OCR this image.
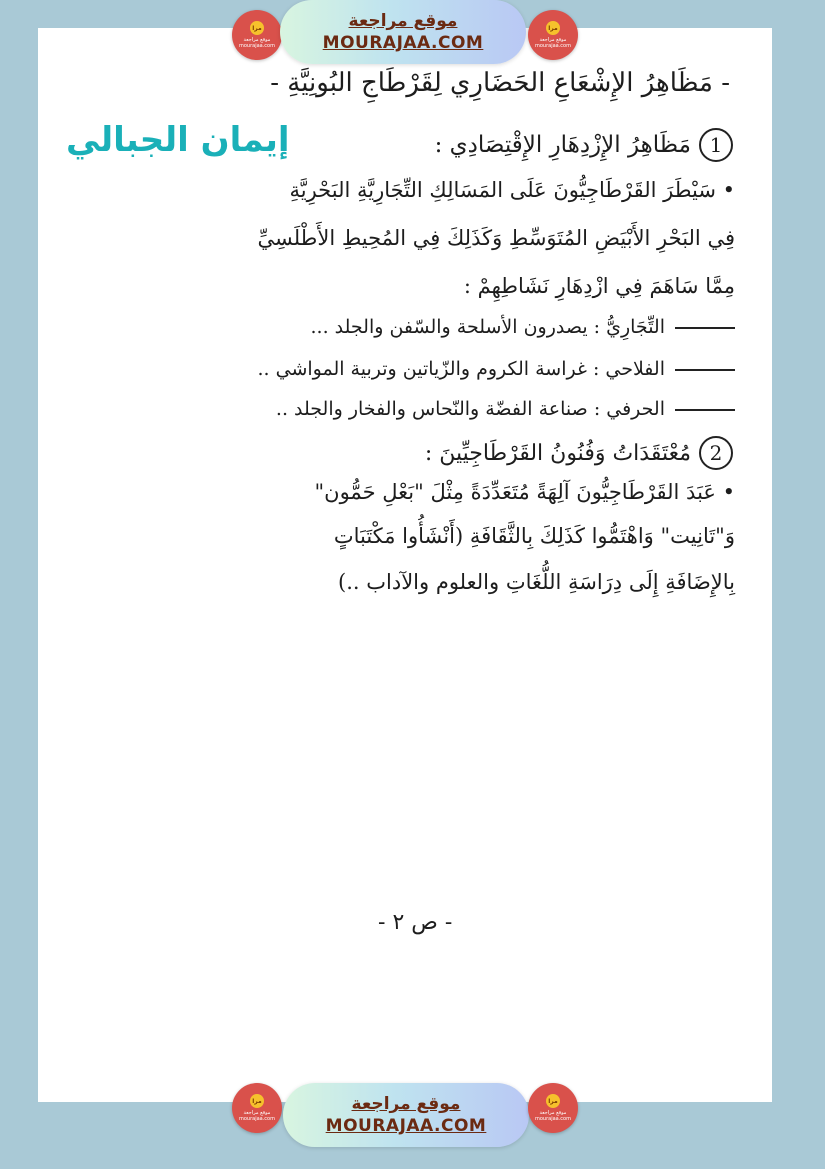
مرا
موقع مراجعة
mourajaa.com
موقع مراجعة
MOURAJAA.COM
مرا
موقع مراجعة
mourajaa.com
- مَظَاهِرُ الإِشْعَاعِ الحَضَارِي لِقَرْطَاجِ البُونِيَّةِ -
إيمان الجبالي	1مَظَاهِرُ الإِزْدِهَارِ الإِقْتِصَادِي :
• سَيْطَرَ القَرْطَاجِيُّونَ عَلَى المَسَالِكِ التِّجَارِيَّةِ البَحْرِيَّةِ
فِي البَحْرِ الأَبْيَضِ المُتَوَسِّطِ وَكَذَلِكَ فِي المُحِيطِ الأَطْلَسِيِّ
مِمَّا سَاهَمَ فِي ازْدِهَارِ نَشَاطِهِمْ :
التِّجَارِيُّ : يصدرون الأسلحة والسّفن والجلد ...
الفلاحي : غراسة الكروم والزّياتين وتربية المواشي ..
الحرفي : صناعة الفضّة والنّحاس والفخار والجلد ..
2مُعْتَقَدَاتُ وَفُنُونُ القَرْطَاجِيِّينَ :
• عَبَدَ القَرْطَاجِيُّونَ آلِهَةً مُتَعَدِّدَةً مِثْلَ "بَعْلِ حَمُّون"
وَ"تَانِيت" وَاهْتَمُّوا كَذَلِكَ بِالثَّقَافَةِ (أَنْشَأُوا مَكْتَبَاتٍ
بِالإِضَافَةِ إِلَى دِرَاسَةِ اللُّغَاتِ والعلوم والآداب ..)
- ص ٢ -
مرا
موقع مراجعة
mourajaa.com
موقع مراجعة
MOURAJAA.COM
مرا
موقع مراجعة
mourajaa.com
